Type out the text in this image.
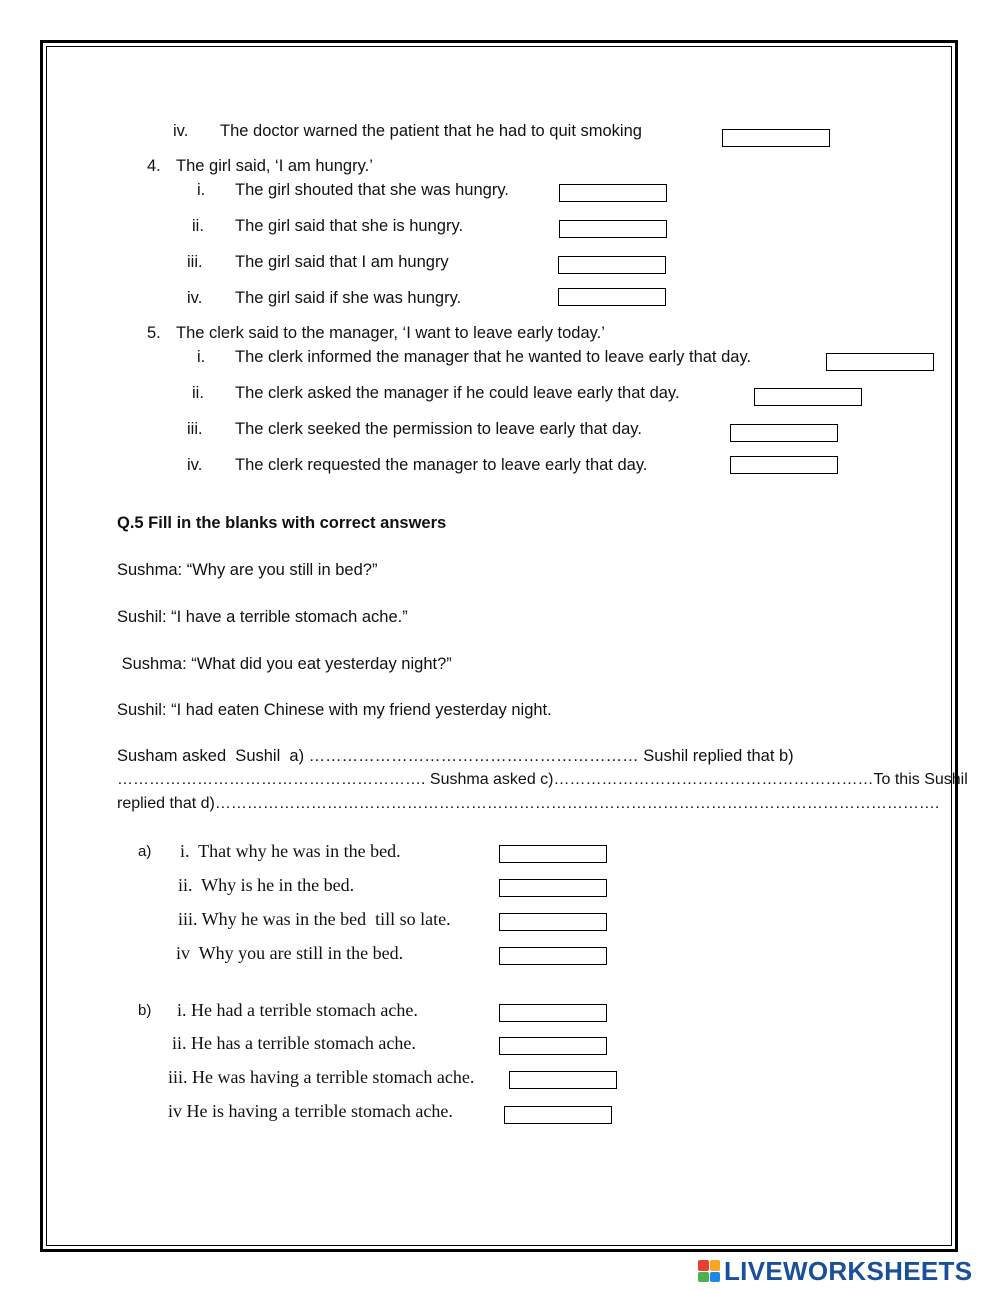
iv. The doctor warned the patient that he had to quit smoking
4. The girl said, ‘I am hungry.’
i. The girl shouted that she was hungry.
ii. The girl said that she is hungry.
iii. The girl said that I am hungry
iv. The girl said if she was hungry.
5. The clerk said to the manager, ‘I want to leave early today.’
i. The clerk informed the manager that he wanted to leave early that day.
ii. The clerk asked the manager if he could leave early that day.
iii. The clerk seeked the permission to leave early that day.
iv. The clerk requested the manager to leave early that day.
Q.5 Fill in the blanks with correct answers
Sushma: “Why are you still in bed?”
Sushil: “I have a terrible stomach ache.”
Sushma: “What did you eat yesterday night?”
Sushil: “I had eaten Chinese with my friend yesterday night.
Susham asked  Sushil  a) …………………………………………………… Sushil replied that b)
…………………………………………………. Sushma asked c)……………………………………………………To this Sushil
replied that d)……………………………………………………………………………………………………………………….
a) i.  That why he was in the bed.
ii.  Why is he in the bed.
iii. Why he was in the bed  till so late.
iv  Why you are still in the bed.
b) i. He had a terrible stomach ache.
ii. He has a terrible stomach ache.
iii. He was having a terrible stomach ache.
iv He is having a terrible stomach ache.
LIVEWORKSHEETS
